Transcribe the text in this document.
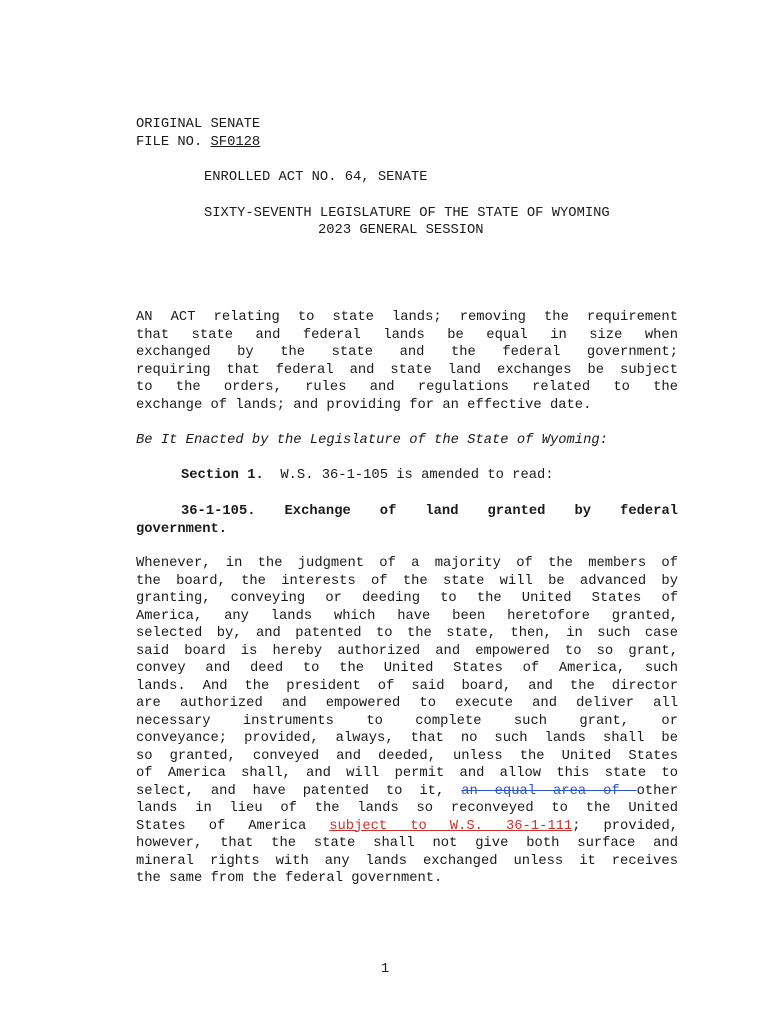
ORIGINAL SENATE
FILE NO. SF0128
ENROLLED ACT NO. 64, SENATE
SIXTY-SEVENTH LEGISLATURE OF THE STATE OF WYOMING
2023 GENERAL SESSION
AN ACT relating to state lands; removing the requirement
that state and federal lands be equal in size when
exchanged by the state and the federal government;
requiring that federal and state land exchanges be subject
to the orders, rules and regulations related to the
exchange of lands; and providing for an effective date.
Be It Enacted by the Legislature of the State of Wyoming:
Section 1.  W.S. 36-1-105 is amended to read:
36-1-105. Exchange of land granted by federal
government.
Whenever, in the judgment of a majority of the members of
the board, the interests of the state will be advanced by
granting, conveying or deeding to the United States of
America, any lands which have been heretofore granted,
selected by, and patented to the state, then, in such case
said board is hereby authorized and empowered to so grant,
convey and deed to the United States of America, such
lands. And the president of said board, and the director
are authorized and empowered to execute and deliver all
necessary instruments to complete such grant, or
conveyance; provided, always, that no such lands shall be
so granted, conveyed and deeded, unless the United States
of America shall, and will permit and allow this state to
select, and have patented to it, an equal area of other
lands in lieu of the lands so reconveyed to the United
States of America subject to W.S. 36-1-111; provided,
however, that the state shall not give both surface and
mineral rights with any lands exchanged unless it receives
the same from the federal government.
1
